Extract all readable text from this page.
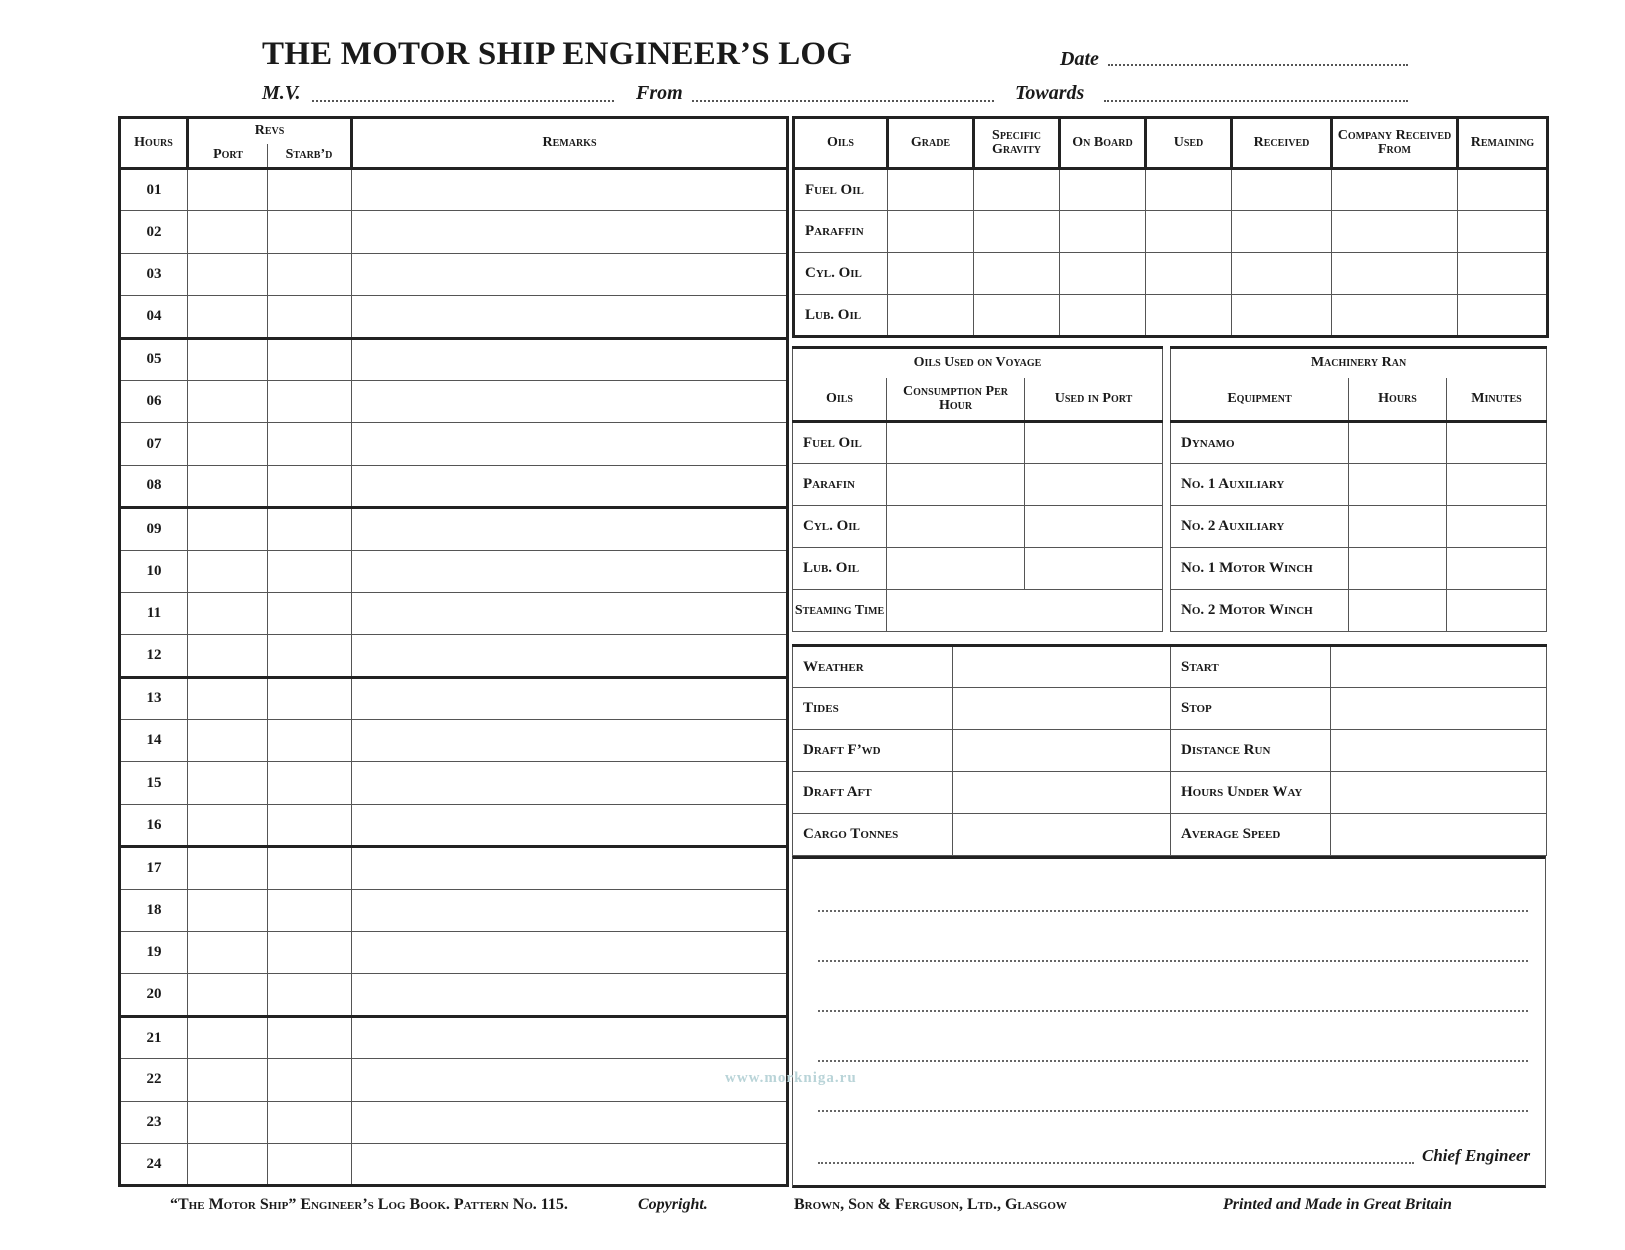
THE MOTOR SHIP ENGINEER’S LOG	Date
M.V.	From	Towards
Hours	Revs		Remarks
	Port	Starb’d	
01			
02			
03			
04			
05			
06			
07			
08			
09			
10			
11			
12			
13			
14			
15			
16			
17			
18			
19			
20			
21			
22			
23			
24			
Oils	Grade	Specific Gravity	On Board	Used	Received	Company Received From	Remaining
Fuel Oil							
Paraffin							
Cyl. Oil							
Lub. Oil							
Oils Used on Voyage		
Oils	Consumption Per Hour	Used in Port
Fuel Oil		
Parafin		
Cyl. Oil		
Lub. Oil		
Steaming Time		
Machinery Ran		
Equipment	Hours	Minutes
Dynamo		
No. 1 Auxiliary		
No. 2 Auxiliary		
No. 1 Motor Winch		
No. 2 Motor Winch		
Weather		Start	
Tides		Stop	
Draft F’wd		Distance Run	
Draft Aft		Hours Under Way	
Cargo Tonnes		Average Speed	
Chief Engineer
www.morkniga.ru
“The Motor Ship” Engineer’s Log Book. Pattern No. 115.	Copyright.	Brown, Son & Ferguson, Ltd., Glasgow	Printed and Made in Great Britain
